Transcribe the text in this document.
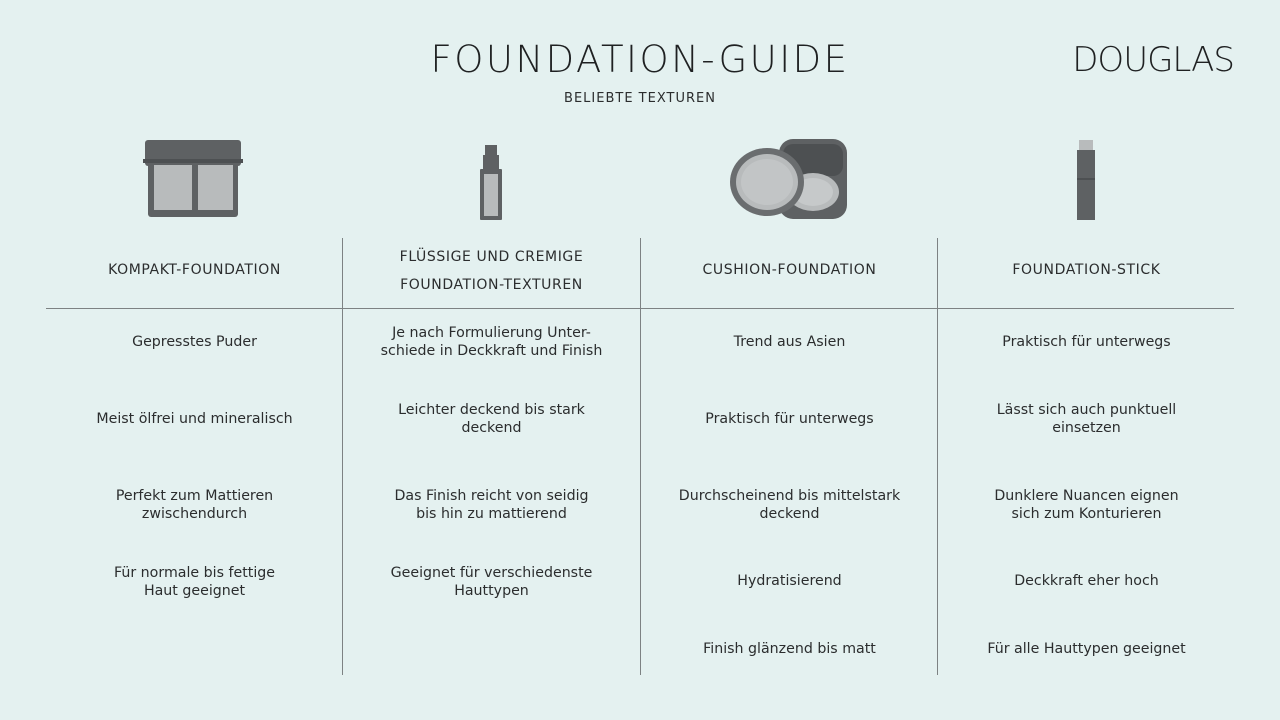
FOUNDATION-GUIDE
BELIEBTE TEXTUREN
DOUGLAS
KOMPAKT-FOUNDATION
Gepresstes Puder
Meist ölfrei und mineralisch
Perfekt zum Mattieren
zwischendurch
Für normale bis fettige
Haut geeignet
FLÜSSIGE UND CREMIGE
FOUNDATION-TEXTUREN
Je nach Formulierung Unter-
schiede in Deckkraft und Finish
Leichter deckend bis stark
deckend
Das Finish reicht von seidig
bis hin zu mattierend
Geeignet für verschiedenste
Hauttypen
CUSHION-FOUNDATION
Trend aus Asien
Praktisch für unterwegs
Durchscheinend bis mittelstark
deckend
Hydratisierend
Finish glänzend bis matt
FOUNDATION-STICK
Praktisch für unterwegs
Lässt sich auch punktuell
einsetzen
Dunklere Nuancen eignen
sich zum Konturieren
Deckkraft eher hoch
Für alle Hauttypen geeignet
